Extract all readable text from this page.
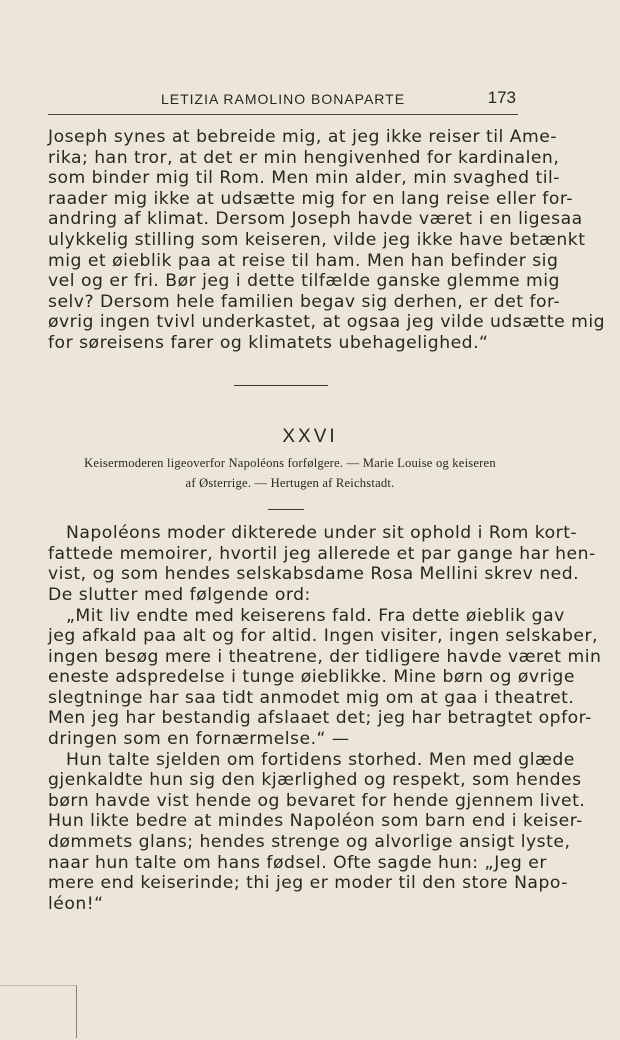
LETIZIA RAMOLINO BONAPARTE	173

Joseph synes at bebreide mig, at jeg ikke reiser til Ame-
rika; han tror, at det er min hengivenhed for kardinalen,
som binder mig til Rom. Men min alder, min svaghed til-
raader mig ikke at udsætte mig for en lang reise eller for-
andring af klimat. Dersom Joseph havde været i en ligesaa
ulykkelig stilling som keiseren, vilde jeg ikke have betænkt
mig et øieblik paa at reise til ham. Men han befinder sig
vel og er fri. Bør jeg i dette tilfælde ganske glemme mig
selv? Dersom hele familien begav sig derhen, er det for-
øvrig ingen tvivl underkastet, at ogsaa jeg vilde udsætte mig
for søreisens farer og klimatets ubehagelighed.“

XXVI
Keisermoderen ligeoverfor Napoléons forfølgere. — Marie Louise og keiseren
af Østerrige. — Hertugen af Reichstadt.

Napoléons moder dikterede under sit ophold i Rom kort-
fattede memoirer, hvortil jeg allerede et par gange har hen-
vist, og som hendes selskabsdame Rosa Mellini skrev ned.
De slutter med følgende ord:

„Mit liv endte med keiserens fald. Fra dette øieblik gav
jeg afkald paa alt og for altid. Ingen visiter, ingen selskaber,
ingen besøg mere i theatrene, der tidligere havde været min
eneste adspredelse i tunge øieblikke. Mine børn og øvrige
slegtninge har saa tidt anmodet mig om at gaa i theatret.
Men jeg har bestandig afslaaet det; jeg har betragtet opfor-
dringen som en fornærmelse.“ —

Hun talte sjelden om fortidens storhed. Men med glæde
gjenkaldte hun sig den kjærlighed og respekt, som hendes
børn havde vist hende og bevaret for hende gjennem livet.
Hun likte bedre at mindes Napoléon som barn end i keiser-
dømmets glans; hendes strenge og alvorlige ansigt lyste,
naar hun talte om hans fødsel. Ofte sagde hun: „Jeg er
mere end keiserinde; thi jeg er moder til den store Napo-
léon!“
